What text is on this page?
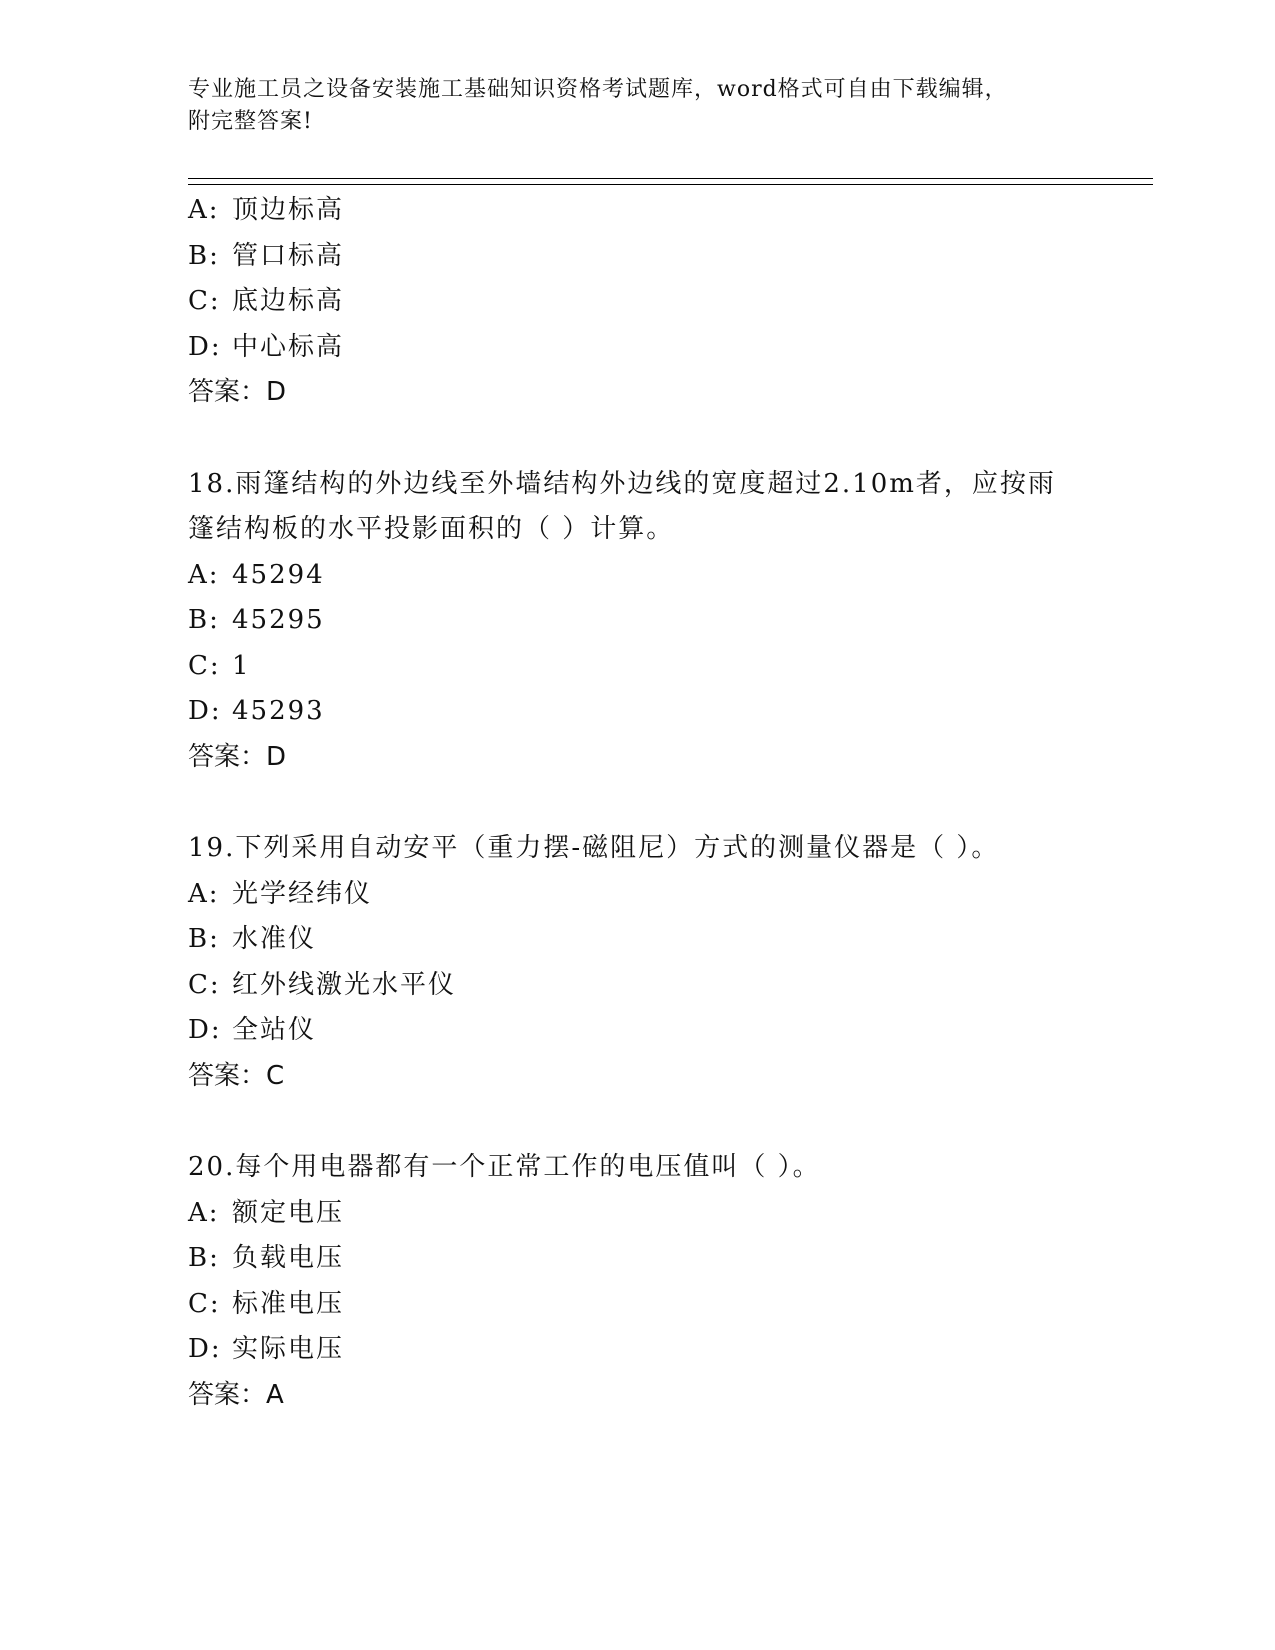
专业施工员之设备安装施工基础知识资格考试题库，word格式可自由下载编辑，
附完整答案!
A: 顶边标高
B: 管口标高
C: 底边标高
D: 中心标高
答案：D
18.雨篷结构的外边线至外墙结构外边线的宽度超过2.10m者，应按雨
篷结构板的水平投影面积的（ ）计算。
A: 45294
B: 45295
C: 1
D: 45293
答案：D
19.下列采用自动安平（重力摆-磁阻尼）方式的测量仪器是（ ）。
A: 光学经纬仪
B: 水准仪
C: 红外线激光水平仪
D: 全站仪
答案：C
20.每个用电器都有一个正常工作的电压值叫（ ）。
A: 额定电压
B: 负载电压
C: 标准电压
D: 实际电压
答案：A
